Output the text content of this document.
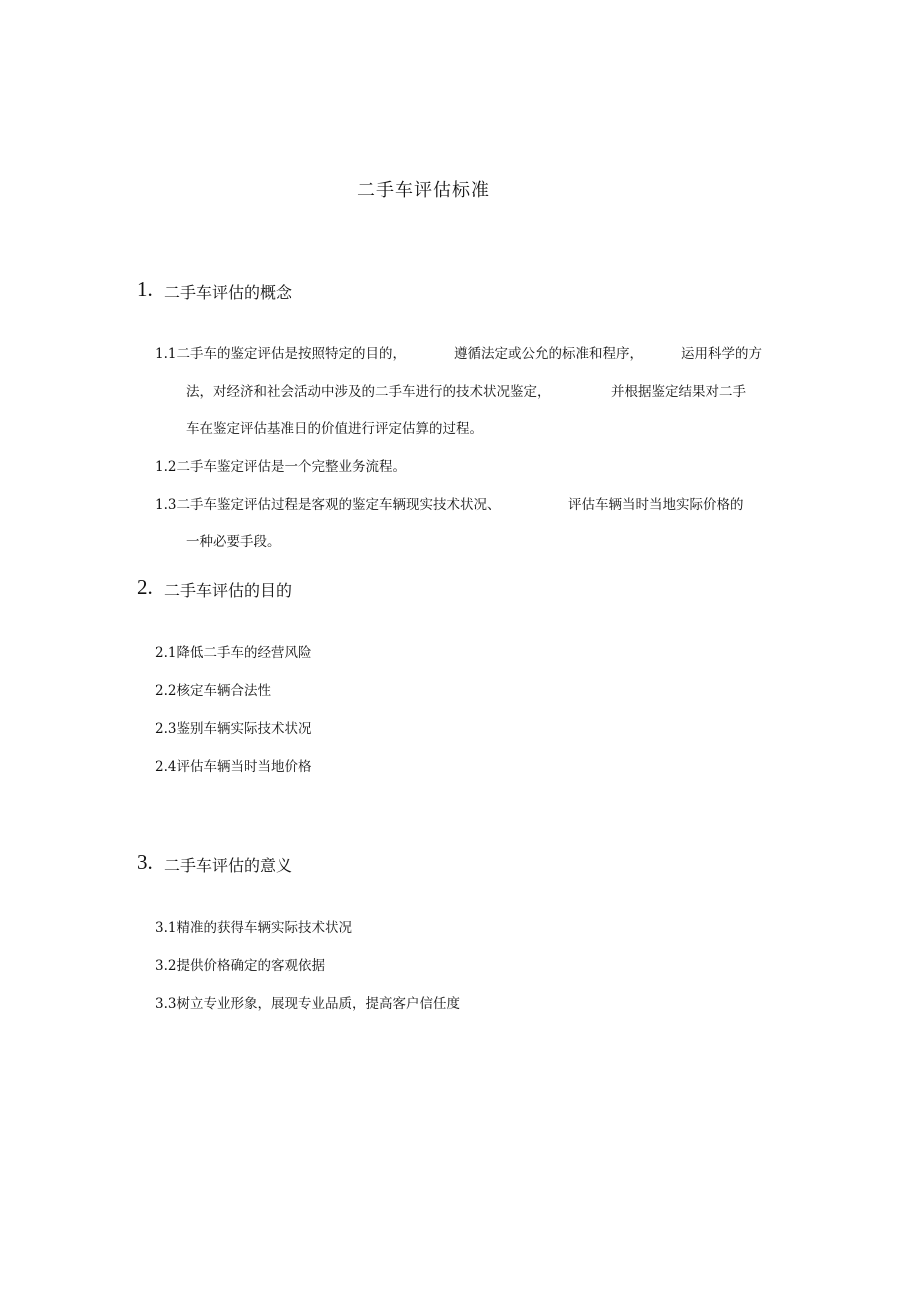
二手车评估标准
1. 二手车评估的概念
1.1二手车的鉴定评估是按照特定的目的，	遵循法定或公允的标准和程序，	运用科学的方
法，对经济和社会活动中涉及的二手车进行的技术状况鉴定，	并根据鉴定结果对二手
车在鉴定评估基准日的价值进行评定估算的过程。
1.2二手车鉴定评估是一个完整业务流程。
1.3二手车鉴定评估过程是客观的鉴定车辆现实技术状况、	评估车辆当时当地实际价格的
一种必要手段。
2. 二手车评估的目的
2.1降低二手车的经营风险
2.2核定车辆合法性
2.3鉴别车辆实际技术状况
2.4评估车辆当时当地价格
3. 二手车评估的意义
3.1精准的获得车辆实际技术状况
3.2提供价格确定的客观依据
3.3树立专业形象，展现专业品质，提高客户信任度
